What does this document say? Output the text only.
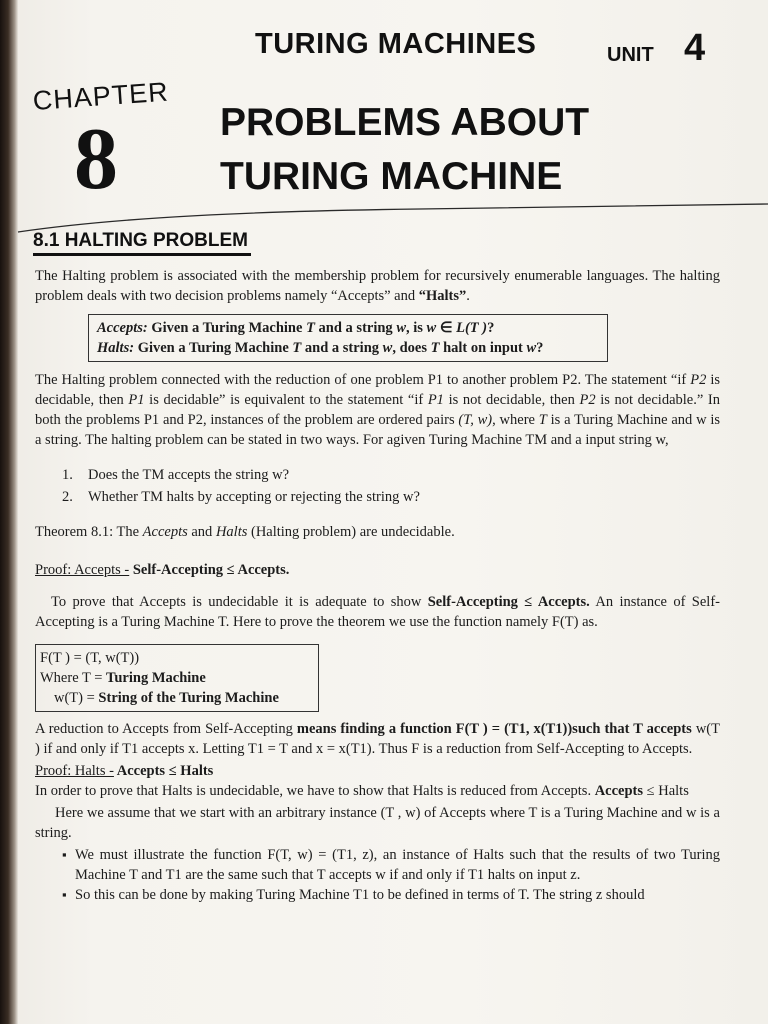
TURING MACHINES	UNIT 4
CHAPTER
8	PROBLEMS ABOUT
TURING MACHINE
8.1 HALTING PROBLEM

The Halting problem is associated with the membership problem for recursively enumerable languages. The halting problem deals with two decision problems namely “Accepts” and “Halts”.

Accepts: Given a Turing Machine T and a string w, is w ∈ L(T )?
Halts: Given a Turing Machine T and a string w, does T halt on input w?

The Halting problem connected with the reduction of one problem P1 to another problem P2. The statement “if P2 is decidable, then P1 is decidable” is equivalent to the statement “if P1 is not decidable, then P2 is not decidable.” In both the problems P1 and P2, instances of the problem are ordered pairs (T, w), where T is a Turing Machine and w is a string. The halting problem can be stated in two ways. For agiven Turing Machine TM and a input string w,

1.	Does the TM accepts the string w?
2.	Whether TM halts by accepting or rejecting the string w?

Theorem 8.1: The Accepts and Halts (Halting problem) are undecidable.

Proof: Accepts - Self-Accepting ≤ Accepts.

To prove that Accepts is undecidable it is adequate to show Self-Accepting ≤ Accepts. An instance of Self-Accepting is a Turing Machine T. Here to prove the theorem we use the function namely F(T) as.

F(T ) = (T, w(T))
Where T = Turing Machine
w(T) = String of the Turing Machine

A reduction to Accepts from Self-Accepting means finding a function F(T ) = (T1, x(T1))such that T accepts w(T ) if and only if T1 accepts x. Letting T1 = T and x = x(T1). Thus F is a reduction from Self-Accepting to Accepts.

Proof: Halts - Accepts ≤ Halts

In order to prove that Halts is undecidable, we have to show that Halts is reduced from Accepts. Accepts ≤ Halts

Here we assume that we start with an arbitrary instance (T , w) of Accepts where T is a Turing Machine and w is a string.

▪ We must illustrate the function F(T, w) = (T1, z), an instance of Halts such that the results of two Turing Machine T and T1 are the same such that T accepts w if and only if T1 halts on input z.
▪ So this can be done by making Turing Machine T1 to be defined in terms of T. The string z should
